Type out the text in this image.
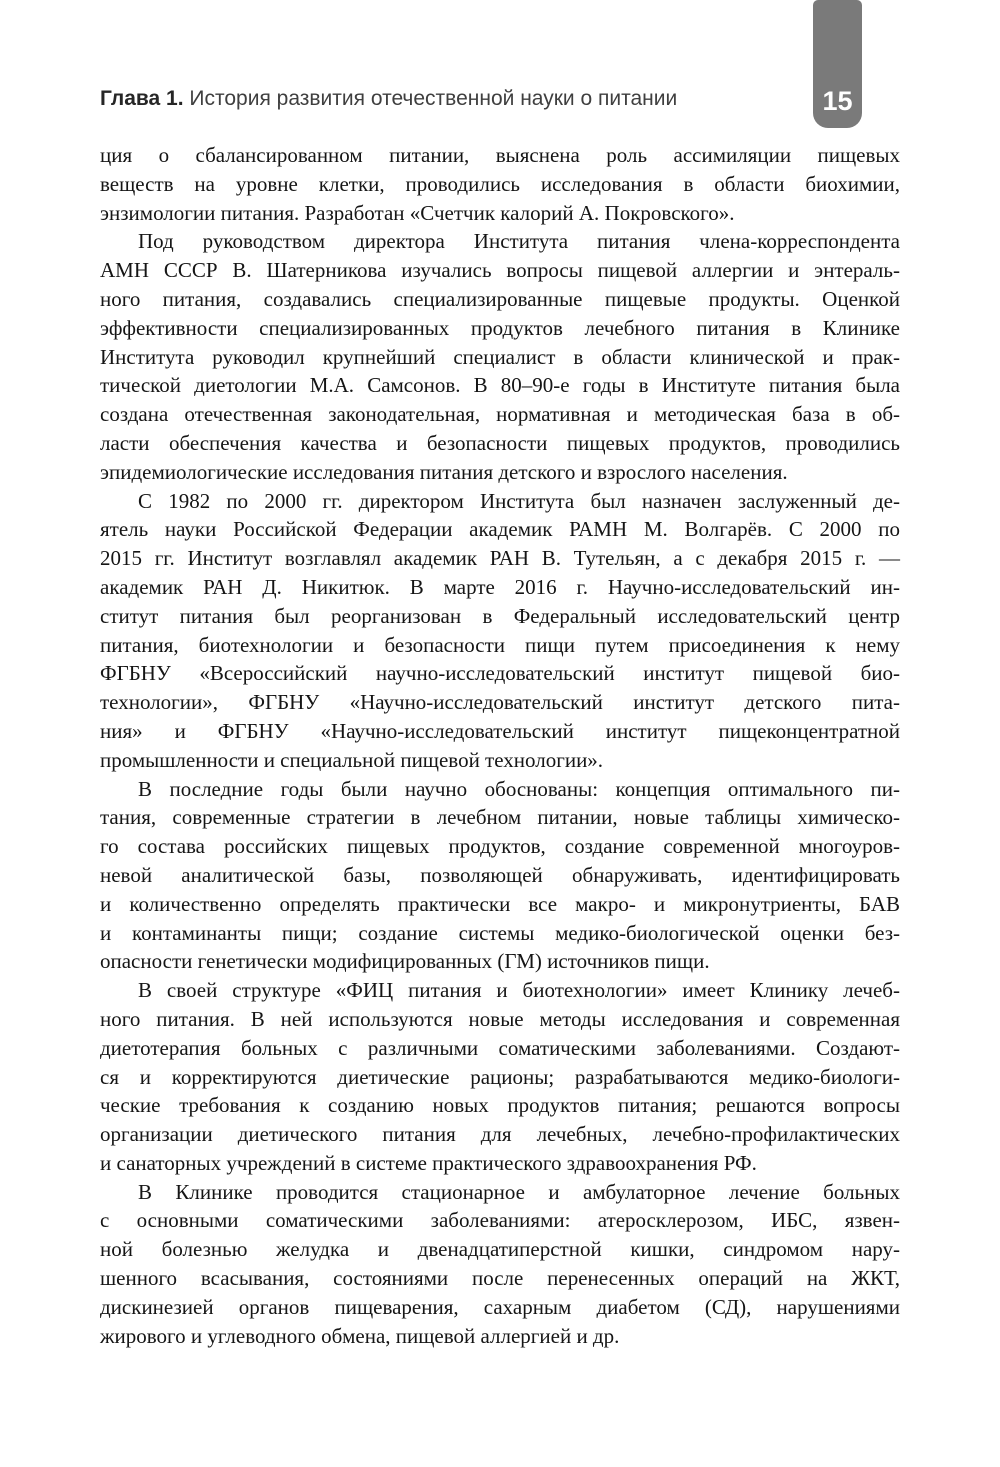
Глава 1. История развития отечественной науки о питании	15
ция о сбалансированном питании, выяснена роль ассимиляции пищевых
веществ на уровне клетки, проводились исследования в области биохимии,
энзимологии питания. Разработан «Счетчик калорий А. Покровского».
Под руководством директора Института питания члена-корреспондента
АМН СССР В. Шатерникова изучались вопросы пищевой аллергии и энтераль-
ного питания, создавались специализированные пищевые продукты. Оценкой
эффективности специализированных продуктов лечебного питания в Клинике
Института руководил крупнейший специалист в области клинической и прак-
тической диетологии М.А. Самсонов. В 80–90-е годы в Институте питания была
создана отечественная законодательная, нормативная и методическая база в об-
ласти обеспечения качества и безопасности пищевых продуктов, проводились
эпидемиологические исследования питания детского и взрослого населения.
С 1982 по 2000 гг. директором Института был назначен заслуженный де-
ятель науки Российской Федерации академик РАМН М. Волгарёв. С 2000 по
2015 гг. Институт возглавлял академик РАН В. Тутельян, а с декабря 2015 г. —
академик РАН Д. Никитюк. В марте 2016 г. Научно-исследовательский ин-
ститут питания был реорганизован в Федеральный исследовательский центр
питания, биотехнологии и безопасности пищи путем присоединения к нему
ФГБНУ «Всероссийский научно-исследовательский институт пищевой био-
технологии», ФГБНУ «Научно-исследовательский институт детского пита-
ния» и ФГБНУ «Научно-исследовательский институт пищеконцентратной
промышленности и специальной пищевой технологии».
В последние годы были научно обоснованы: концепция оптимального пи-
тания, современные стратегии в лечебном питании, новые таблицы химическо-
го состава российских пищевых продуктов, создание современной многоуров-
невой аналитической базы, позволяющей обнаруживать, идентифицировать
и количественно определять практически все макро- и микронутриенты, БАВ
и контаминанты пищи; создание системы медико-биологической оценки без-
опасности генетически модифицированных (ГМ) источников пищи.
В своей структуре «ФИЦ питания и биотехнологии» имеет Клинику лечеб-
ного питания. В ней используются новые методы исследования и современная
диетотерапия больных с различными соматическими заболеваниями. Создают-
ся и корректируются диетические рационы; разрабатываются медико-биологи-
ческие требования к созданию новых продуктов питания; решаются вопросы
организации диетического питания для лечебных, лечебно-профилактических
и санаторных учреждений в системе практического здравоохранения РФ.
В Клинике проводится стационарное и амбулаторное лечение больных
с основными соматическими заболеваниями: атеросклерозом, ИБС, язвен-
ной болезнью желудка и двенадцатиперстной кишки, синдромом нару-
шенного всасывания, состояниями после перенесенных операций на ЖКТ,
дискинезией органов пищеварения, сахарным диабетом (СД), нарушениями
жирового и углеводного обмена, пищевой аллергией и др.
